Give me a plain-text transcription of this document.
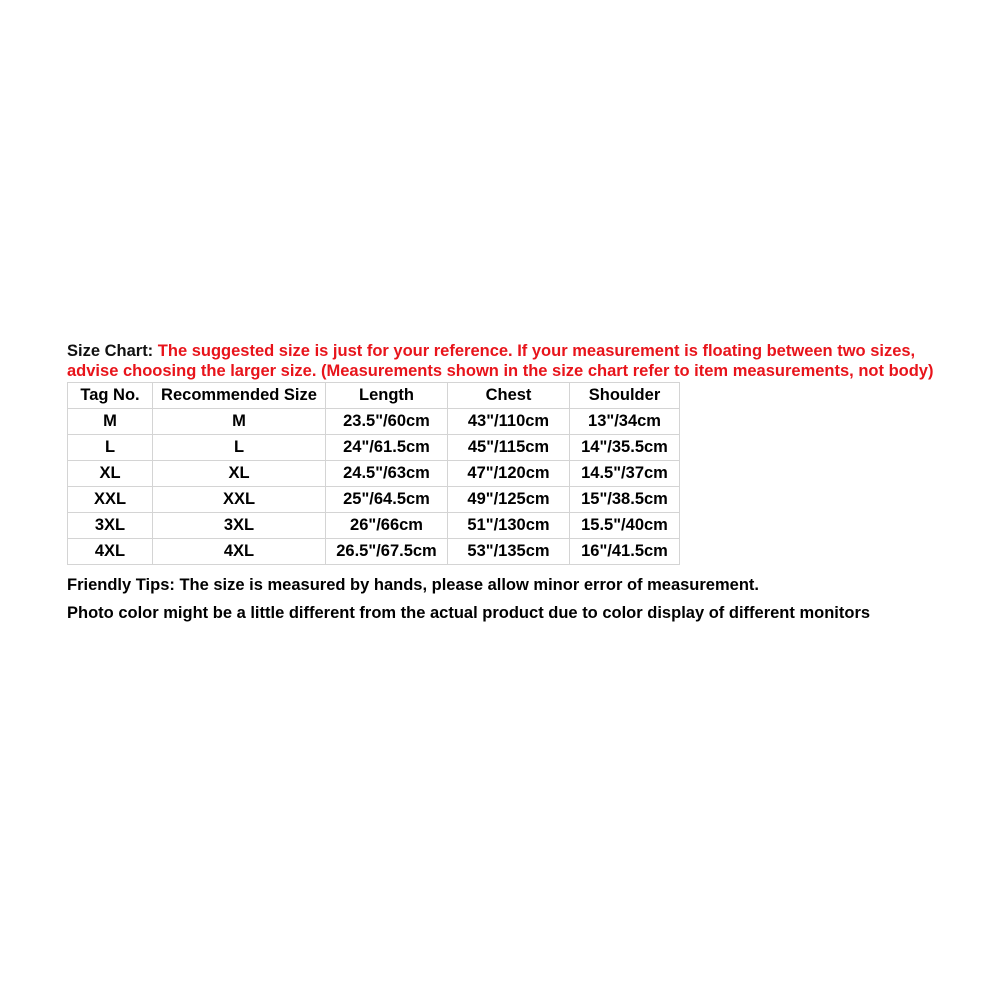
Size Chart: The suggested size is just for your reference. If your measurement is floating between two sizes, advise choosing the larger size. (Measurements shown in the size chart refer to item measurements, not body)

Tag No.	Recommended Size	Length	Chest	Shoulder
M	M	23.5"/60cm	43"/110cm	13"/34cm
L	L	24"/61.5cm	45"/115cm	14"/35.5cm
XL	XL	24.5"/63cm	47"/120cm	14.5"/37cm
XXL	XXL	25"/64.5cm	49"/125cm	15"/38.5cm
3XL	3XL	26"/66cm	51"/130cm	15.5"/40cm
4XL	4XL	26.5"/67.5cm	53"/135cm	16"/41.5cm

Friendly Tips: The size is measured by hands, please allow minor error of measurement.

Photo color might be a little different from the actual product due to color display of different monitors
